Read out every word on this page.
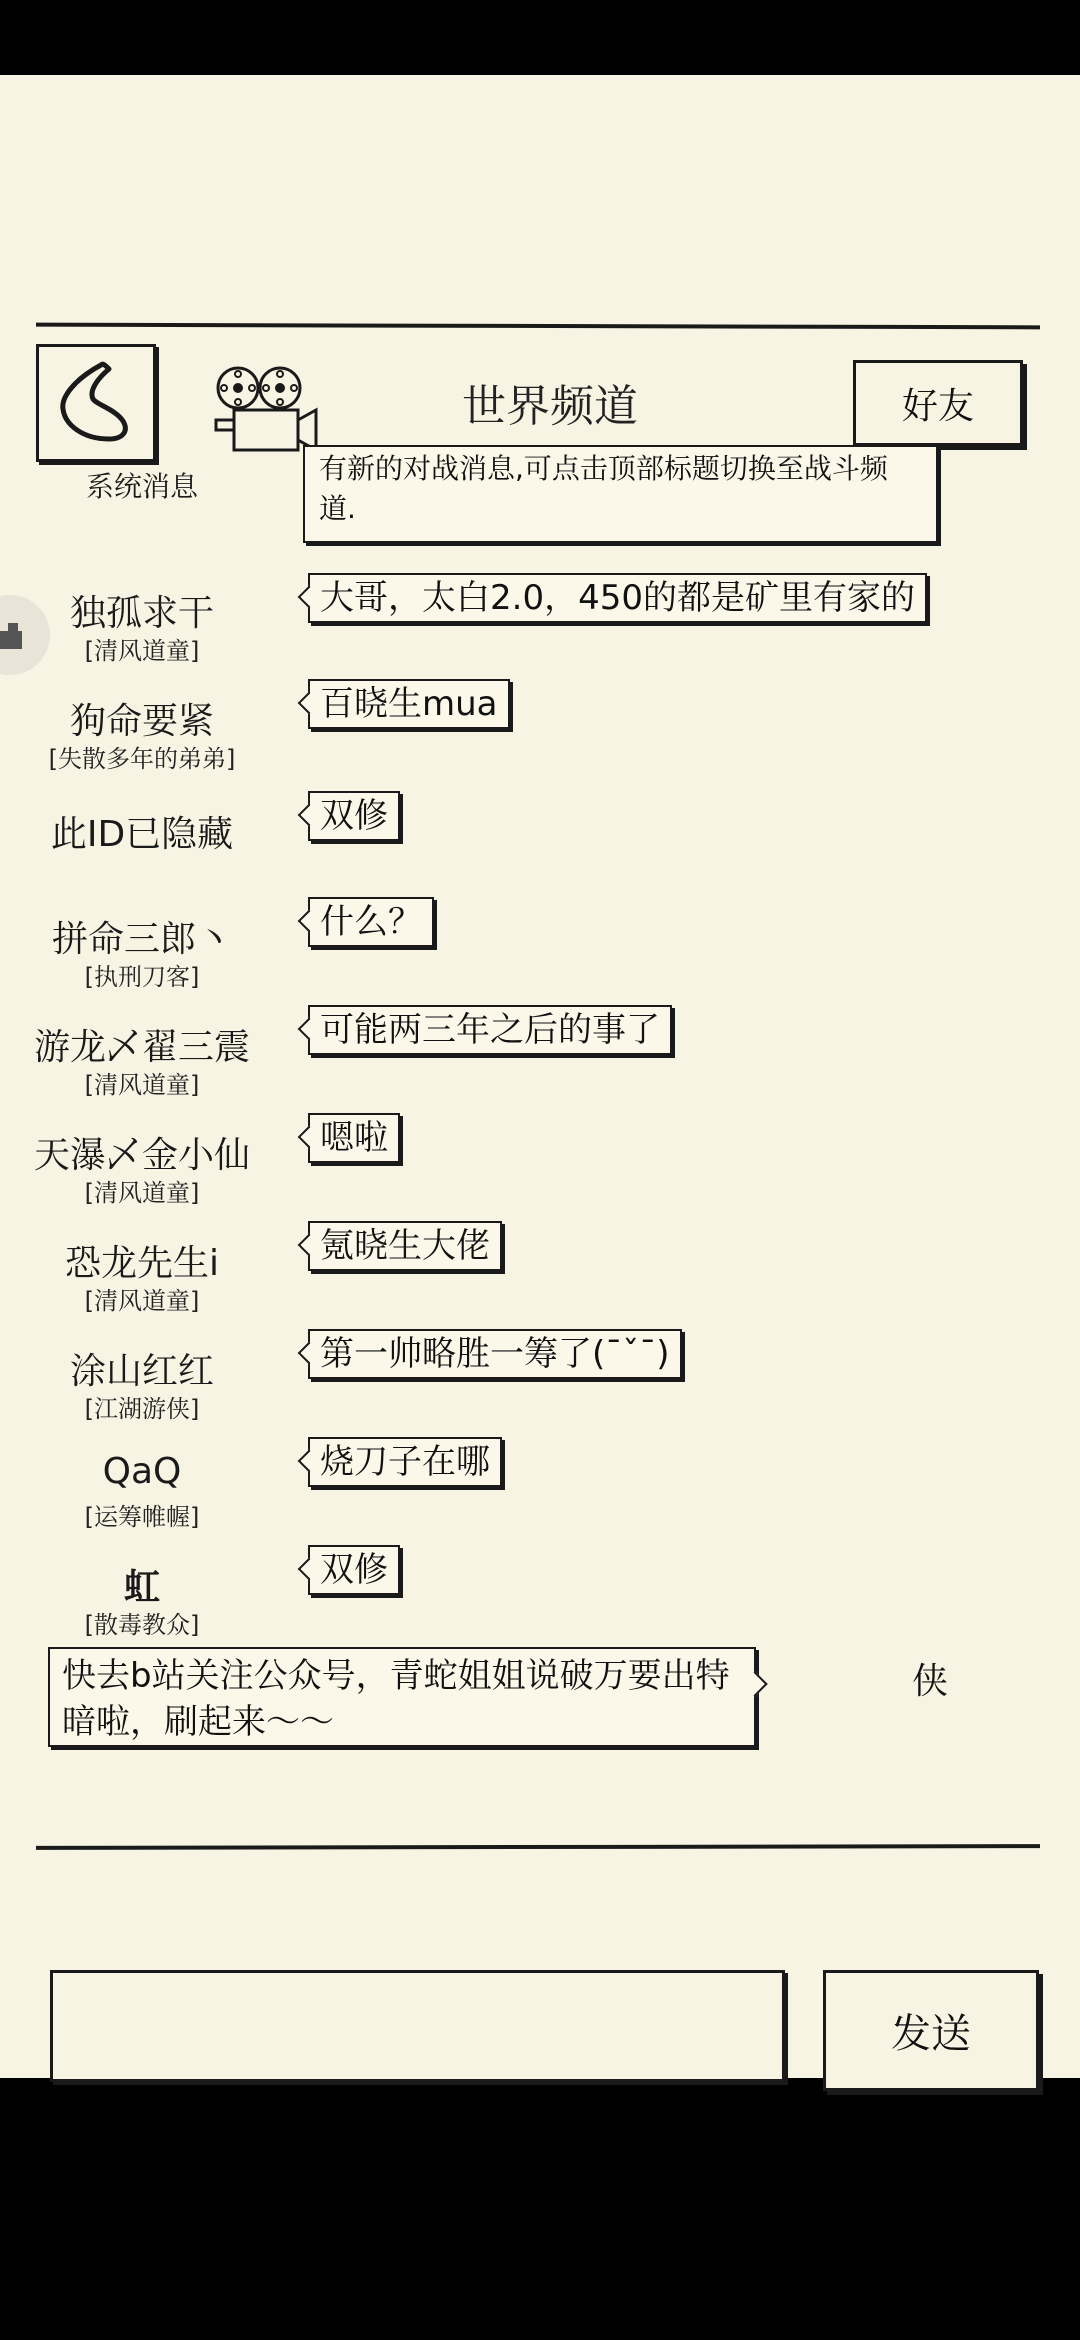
世界频道	好友
系统消息
有新的对战消息,可点击顶部标题切换至战斗频道.
独孤求干
[清风道童]
大哥，太白2.0，450的都是矿里有家的
狗命要紧
[失散多年的弟弟]
百晓生mua
此ID已隐藏	双修
拼命三郎丶
[执刑刀客]
什么？
游龙乄翟三震
[清风道童]
可能两三年之后的事了
天瀑乄金小仙
[清风道童]
嗯啦
恐龙先生i
[清风道童]
氪晓生大佬
涂山红红
[江湖游侠]
第一帅略胜一筹了(ˉˇˉ)
QaQ
[运筹帷幄]
烧刀子在哪
虹
[散毒教众]
双修
快去b站关注公众号，青蛇姐姐说破万要出特暗啦，刷起来～～
侠
发送
